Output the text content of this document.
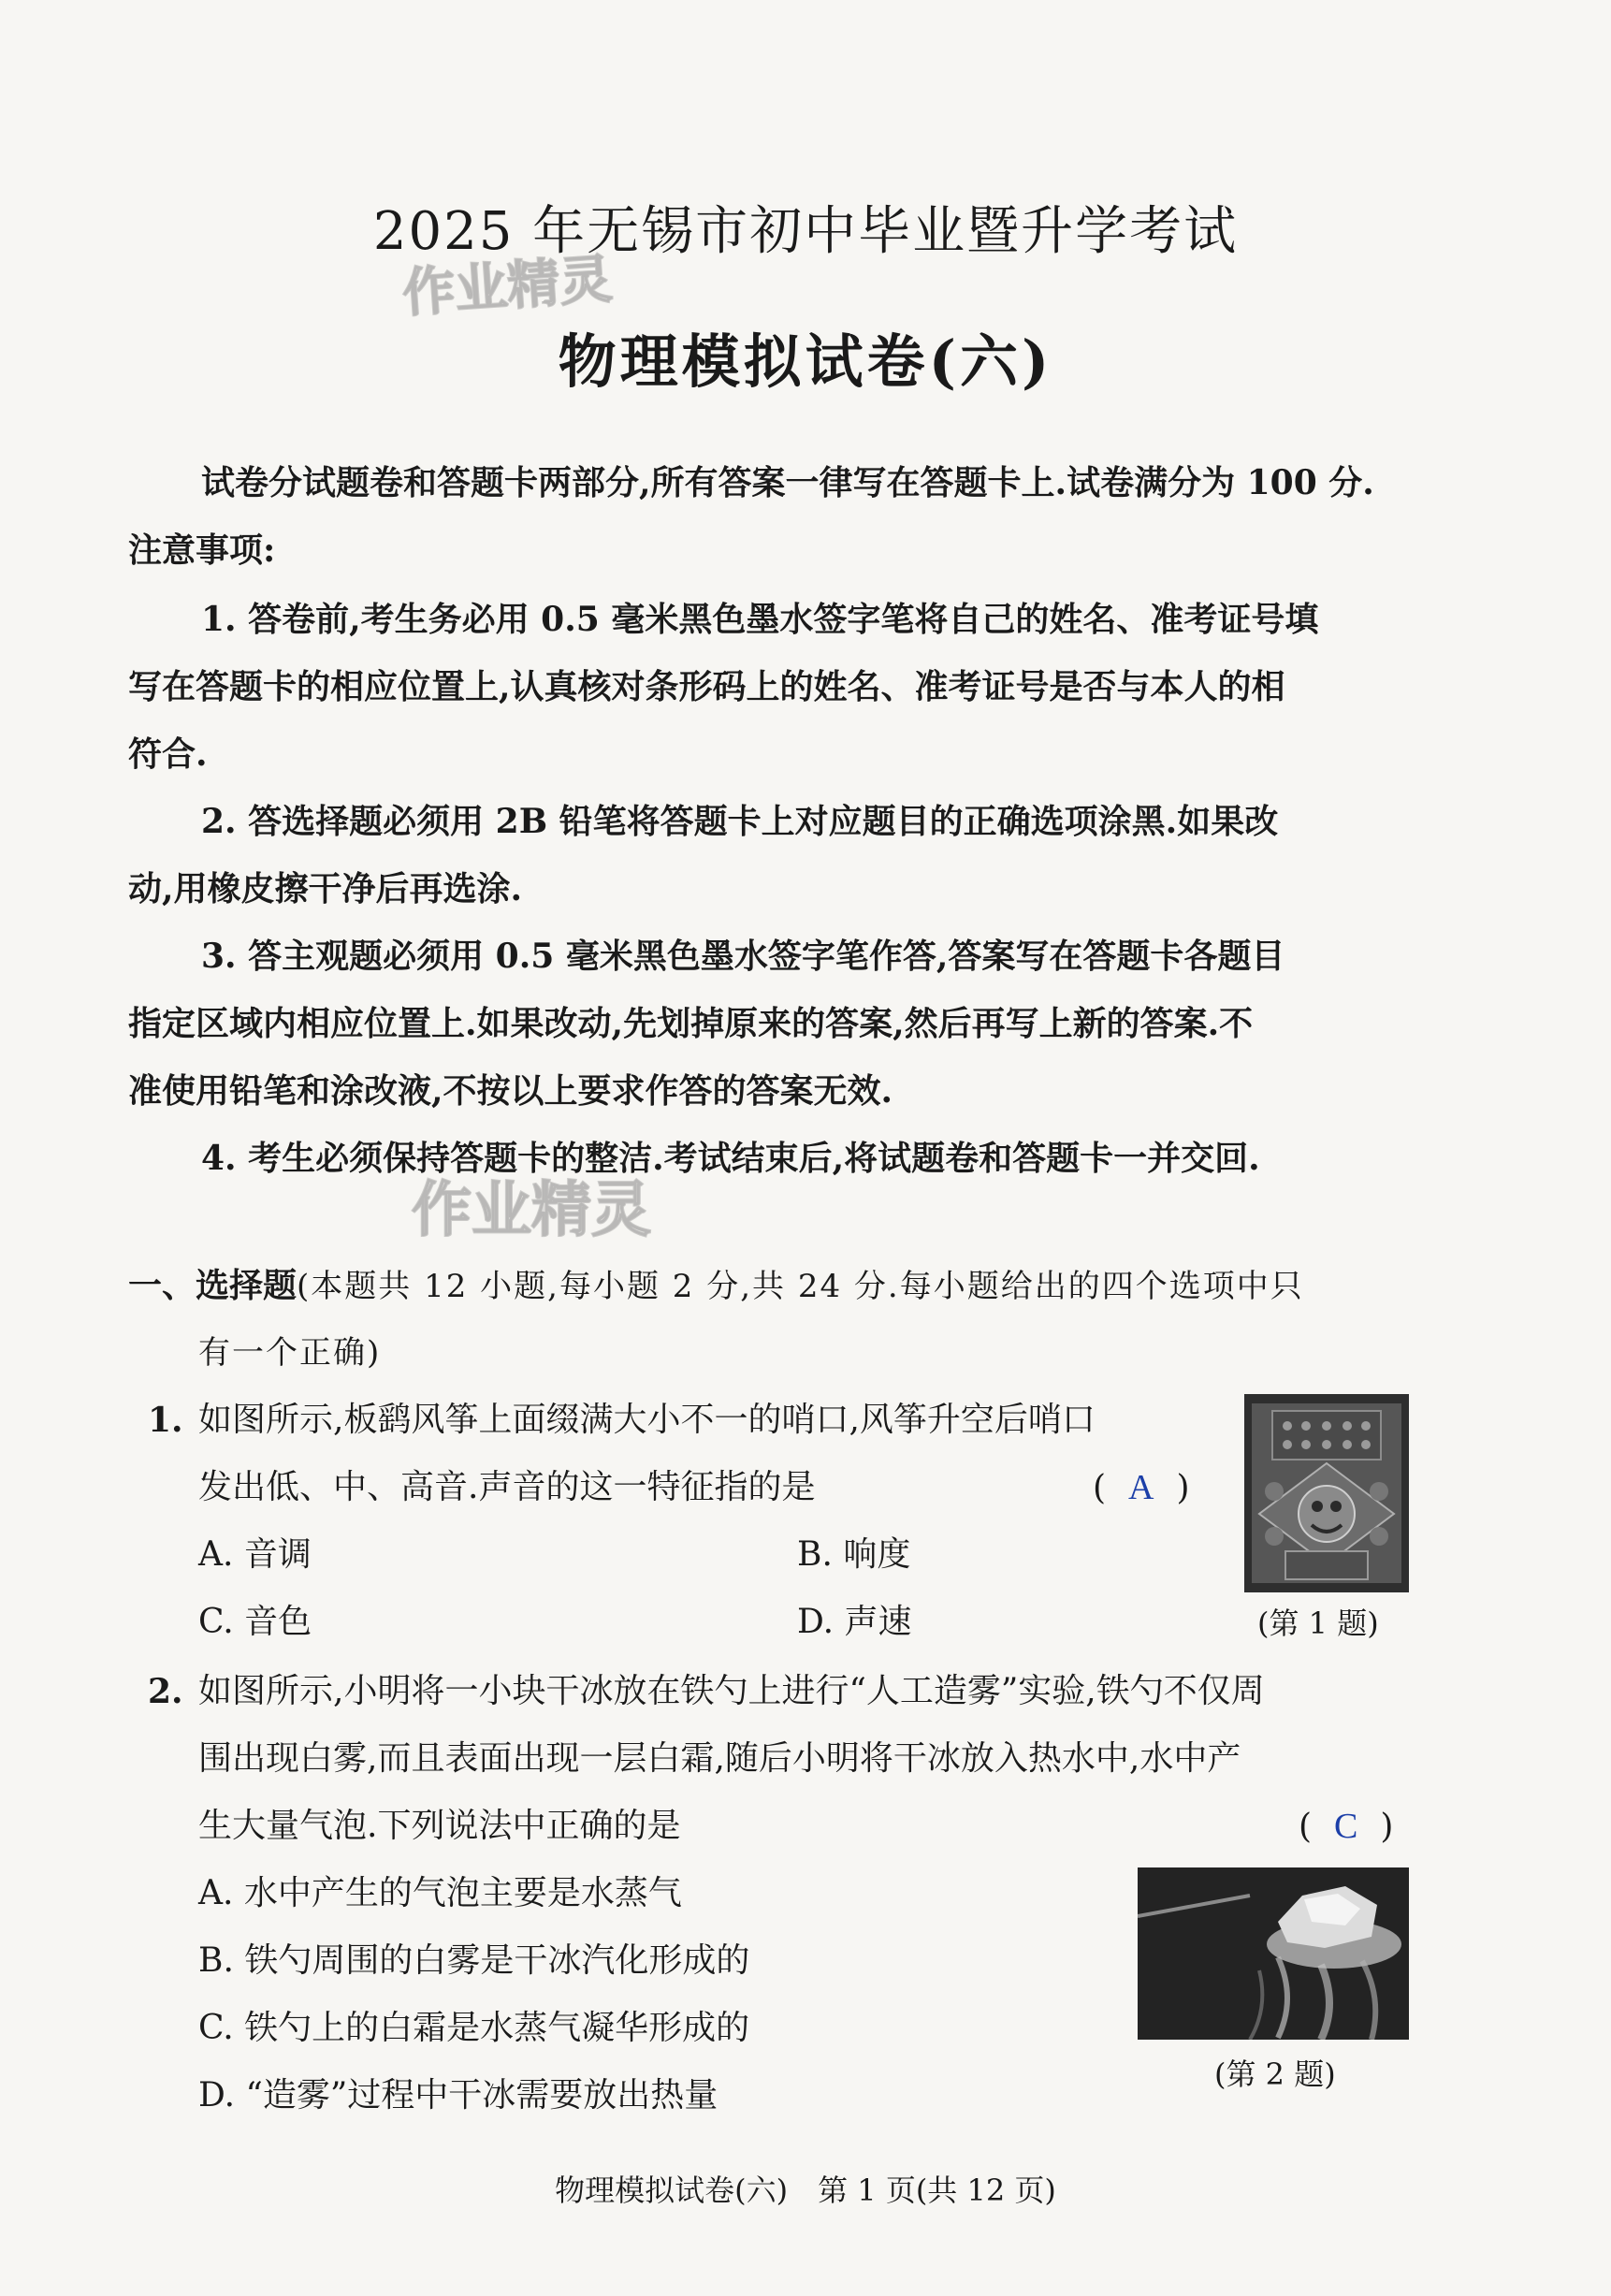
2025 年无锡市初中毕业暨升学考试
物理模拟试卷(六)
作业精灵
作业精灵
试卷分试题卷和答题卡两部分,所有答案一律写在答题卡上.试卷满分为 100 分.
注意事项:
1. 答卷前,考生务必用 0.5 毫米黑色墨水签字笔将自己的姓名、准考证号填
写在答题卡的相应位置上,认真核对条形码上的姓名、准考证号是否与本人的相
符合.
2. 答选择题必须用 2B 铅笔将答题卡上对应题目的正确选项涂黑.如果改
动,用橡皮擦干净后再选涂.
3. 答主观题必须用 0.5 毫米黑色墨水签字笔作答,答案写在答题卡各题目
指定区域内相应位置上.如果改动,先划掉原来的答案,然后再写上新的答案.不
准使用铅笔和涂改液,不按以上要求作答的答案无效.
4. 考生必须保持答题卡的整洁.考试结束后,将试题卷和答题卡一并交回.
一、选择题(本题共 12 小题,每小题 2 分,共 24 分.每小题给出的四个选项中只
有一个正确)
1. 如图所示,板鹞风筝上面缀满大小不一的哨口,风筝升空后哨口
发出低、中、高音.声音的这一特征指的是	( A )
A. 音调	B. 响度
C. 音色	D. 声速	(第 1 题)
2. 如图所示,小明将一小块干冰放在铁勺上进行“人工造雾”实验,铁勺不仅周
围出现白雾,而且表面出现一层白霜,随后小明将干冰放入热水中,水中产
生大量气泡.下列说法中正确的是	( C )
A. 水中产生的气泡主要是水蒸气
B. 铁勺周围的白雾是干冰汽化形成的
C. 铁勺上的白霜是水蒸气凝华形成的
D. “造雾”过程中干冰需要放出热量
(第 2 题)
物理模拟试卷(六)　第 1 页(共 12 页)
